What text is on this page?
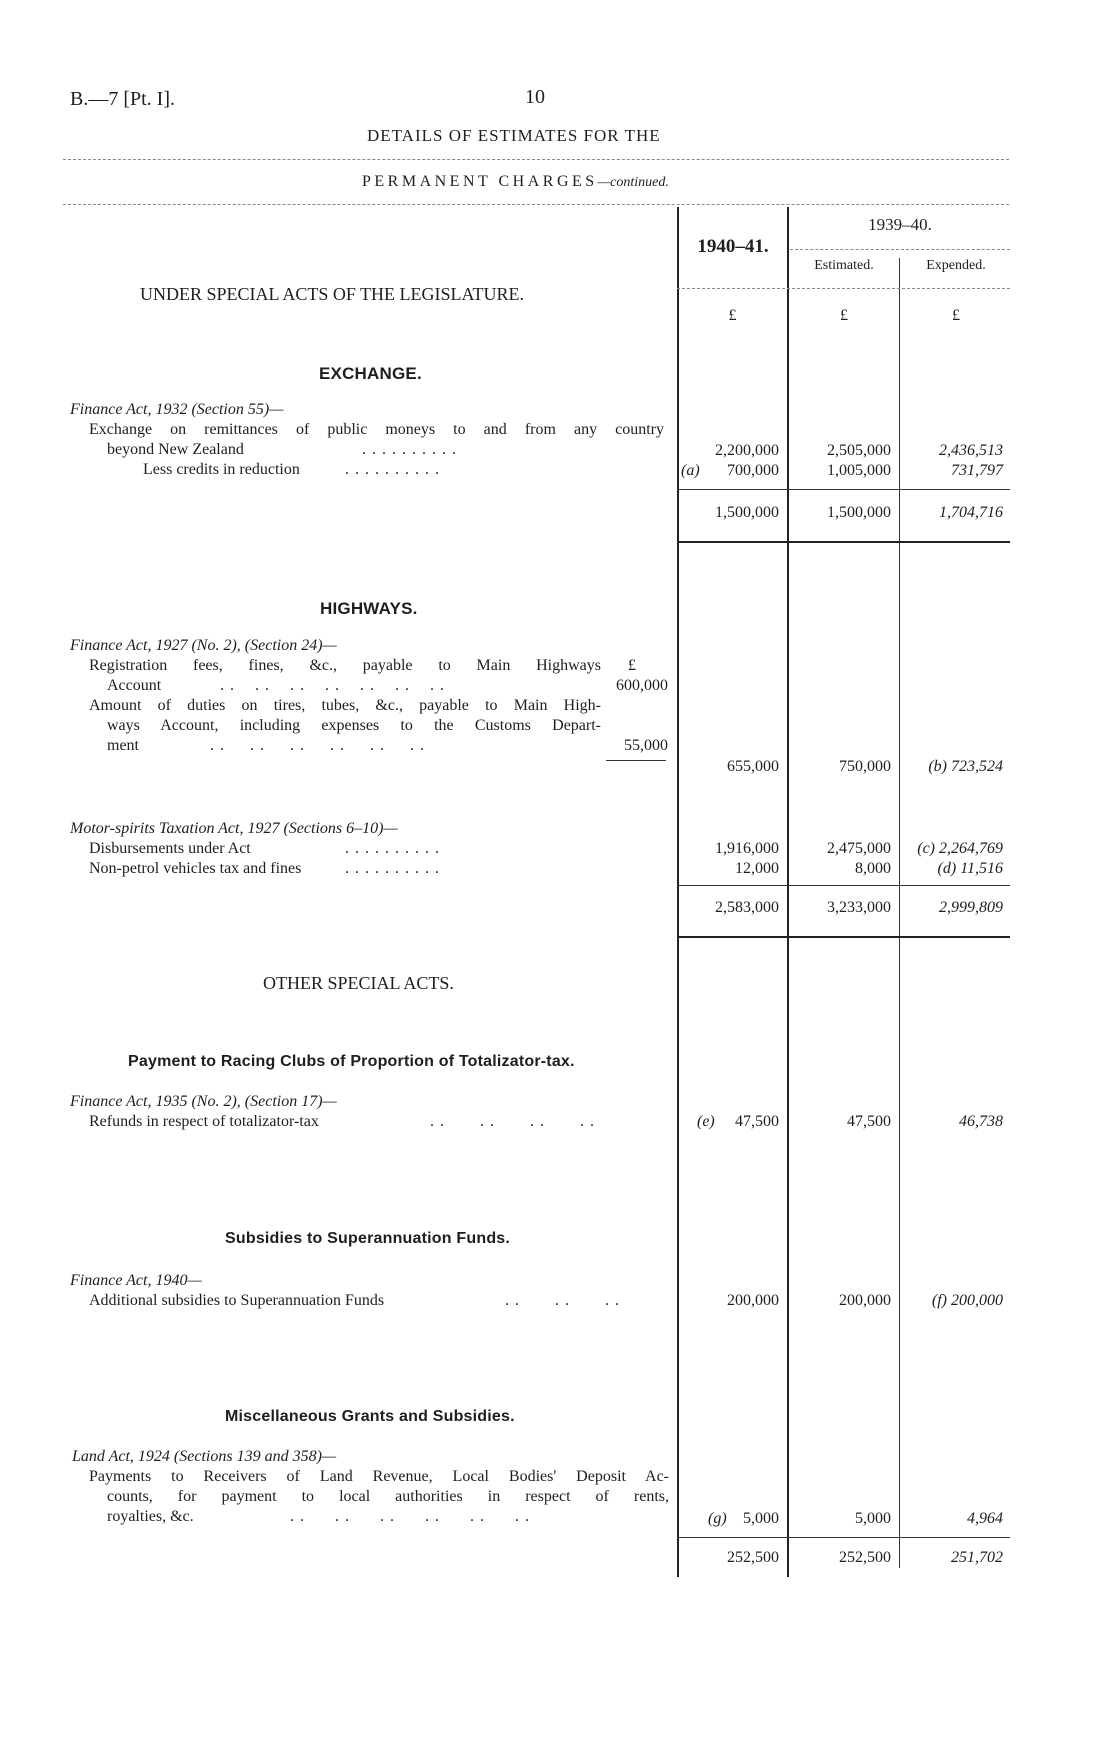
B.—7 [Pt. I].	10
DETAILS OF ESTIMATES FOR THE
PERMANENT CHARGES—continued.
UNDER SPECIAL ACTS OF THE LEGISLATURE.
1940–41.
1939–40.
Estimated.	Expended.
£	£	£
EXCHANGE.
Finance Act, 1932 (Section 55)—
Exchange on remittances of public moneys to and from any country
beyond New Zealand	. . . . . . . . . .
Less credits in reduction	. . . . . . . . . .
2,200,000	2,505,000	2,436,513
(a)	700,000	1,005,000	731,797
1,500,000	1,500,000	1,704,716
HIGHWAYS.
Finance Act, 1927 (No. 2), (Section 24)—
Registration fees, fines, &c., payable to Main Highways £
Account	. .    . .    . .    . .    . .    . .    . .	600,000
Amount of duties on tires, tubes, &c., payable to Main High-
ways Account, including expenses to the Customs Depart-
ment	. .     . .     . .     . .     . .     . .	55,000
655,000	750,000	(b) 723,524
Motor-spirits Taxation Act, 1927 (Sections 6–10)—
Disbursements under Act	. . . . . . . . . .
Non-petrol vehicles tax and fines	. . . . . . . . . .
1,916,000	2,475,000	(c) 2,264,769
12,000	8,000	(d) 11,516
2,583,000	3,233,000	2,999,809
OTHER SPECIAL ACTS.
Payment to Racing Clubs of Proportion of Totalizator-tax.
Finance Act, 1935 (No. 2), (Section 17)—
Refunds in respect of totalizator-tax	. .       . .       . .       . .	(e)	47,500	47,500	46,738
Subsidies to Superannuation Funds.
Finance Act, 1940—
Additional subsidies to Superannuation Funds	. .       . .       . .	200,000	200,000	(f) 200,000
Miscellaneous Grants and Subsidies.
Land Act, 1924 (Sections 139 and 358)—
Payments to Receivers of Land Revenue, Local Bodies' Deposit Ac-
counts, for payment to local authorities in respect of rents,
royalties, &c.	. .      . .      . .      . .      . .      . .	(g)	5,000	5,000	4,964
252,500	252,500	251,702
